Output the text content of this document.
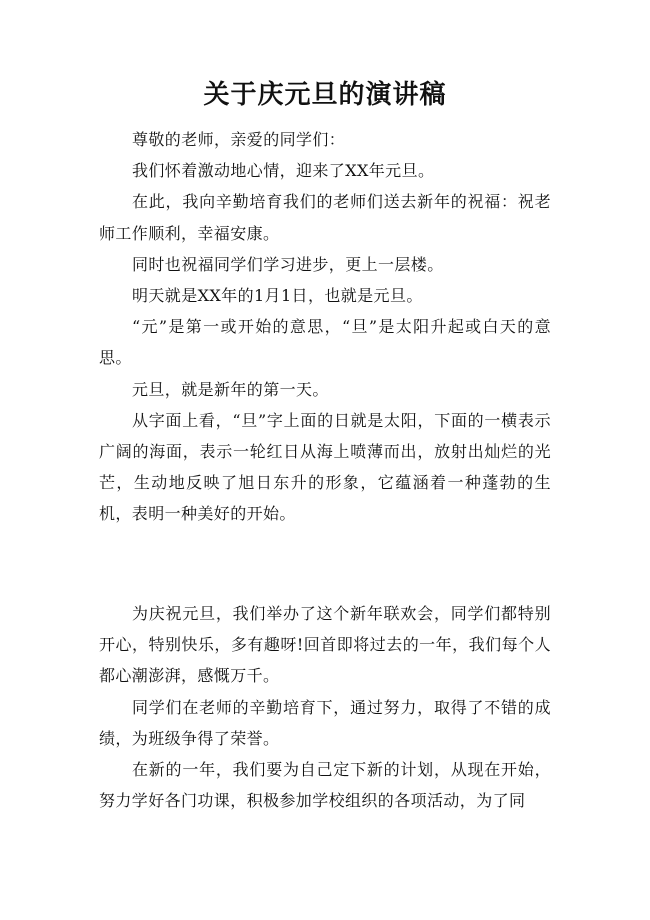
关于庆元旦的演讲稿

尊敬的老师，亲爱的同学们：

我们怀着激动地心情，迎来了XX年元旦。

在此，我向辛勤培育我们的老师们送去新年的祝福：祝老师工作顺利，幸福安康。

同时也祝福同学们学习进步，更上一层楼。

明天就是XX年的1月1日，也就是元旦。

“元”是第一或开始的意思，“旦”是太阳升起或白天的意思。

元旦，就是新年的第一天。

从字面上看，“旦”字上面的日就是太阳，下面的一横表示广阔的海面，表示一轮红日从海上喷薄而出，放射出灿烂的光芒，生动地反映了旭日东升的形象，它蕴涵着一种蓬勃的生机，表明一种美好的开始。

为庆祝元旦，我们举办了这个新年联欢会，同学们都特别开心，特别快乐，多有趣呀!回首即将过去的一年，我们每个人都心潮澎湃，感慨万千。

同学们在老师的辛勤培育下，通过努力，取得了不错的成绩，为班级争得了荣誉。

在新的一年，我们要为自己定下新的计划，从现在开始，努力学好各门功课，积极参加学校组织的各项活动，为了同
